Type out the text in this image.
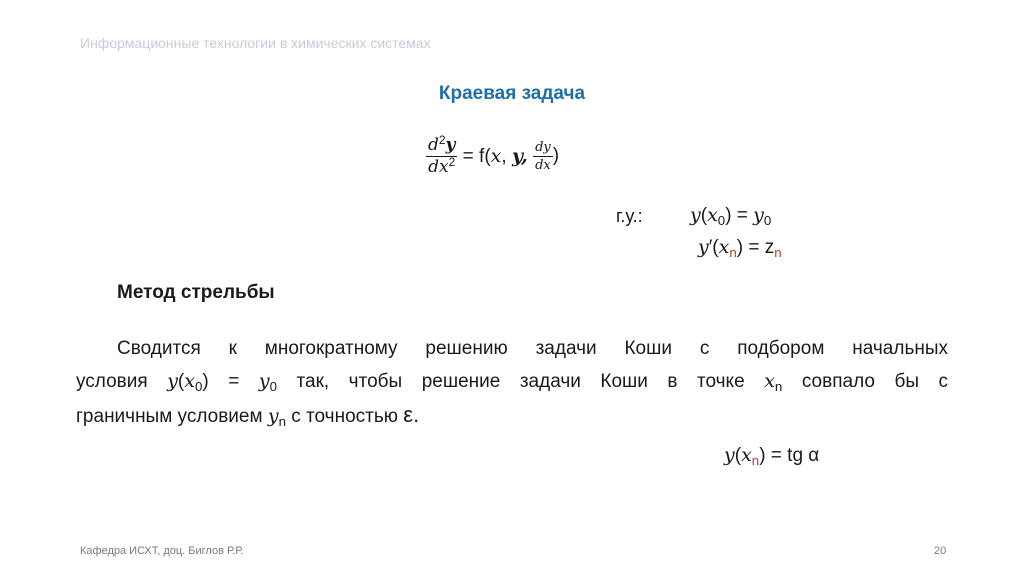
Информационные технологии в химических системах
Краевая задача
$\frac{d^2y}{dx^2} = f(x$, y, $\frac{dy}{dx}$ )
г.у.: $y(x_0) = y_0$
$y'(x_n) = z_n$
Метод стрельбы
Сводится к многократному решению задачи Коши с подбором начальных
условия $y(x_0) = y_0$ так, чтобы решение задачи Коши в точке $x_n$ совпало бы с
граничным условием $y_n$ с точностью ε.
$y(x_n)$ = tg α
Кафедра ИСХТ, доц. Биглов Р.Р.	20
